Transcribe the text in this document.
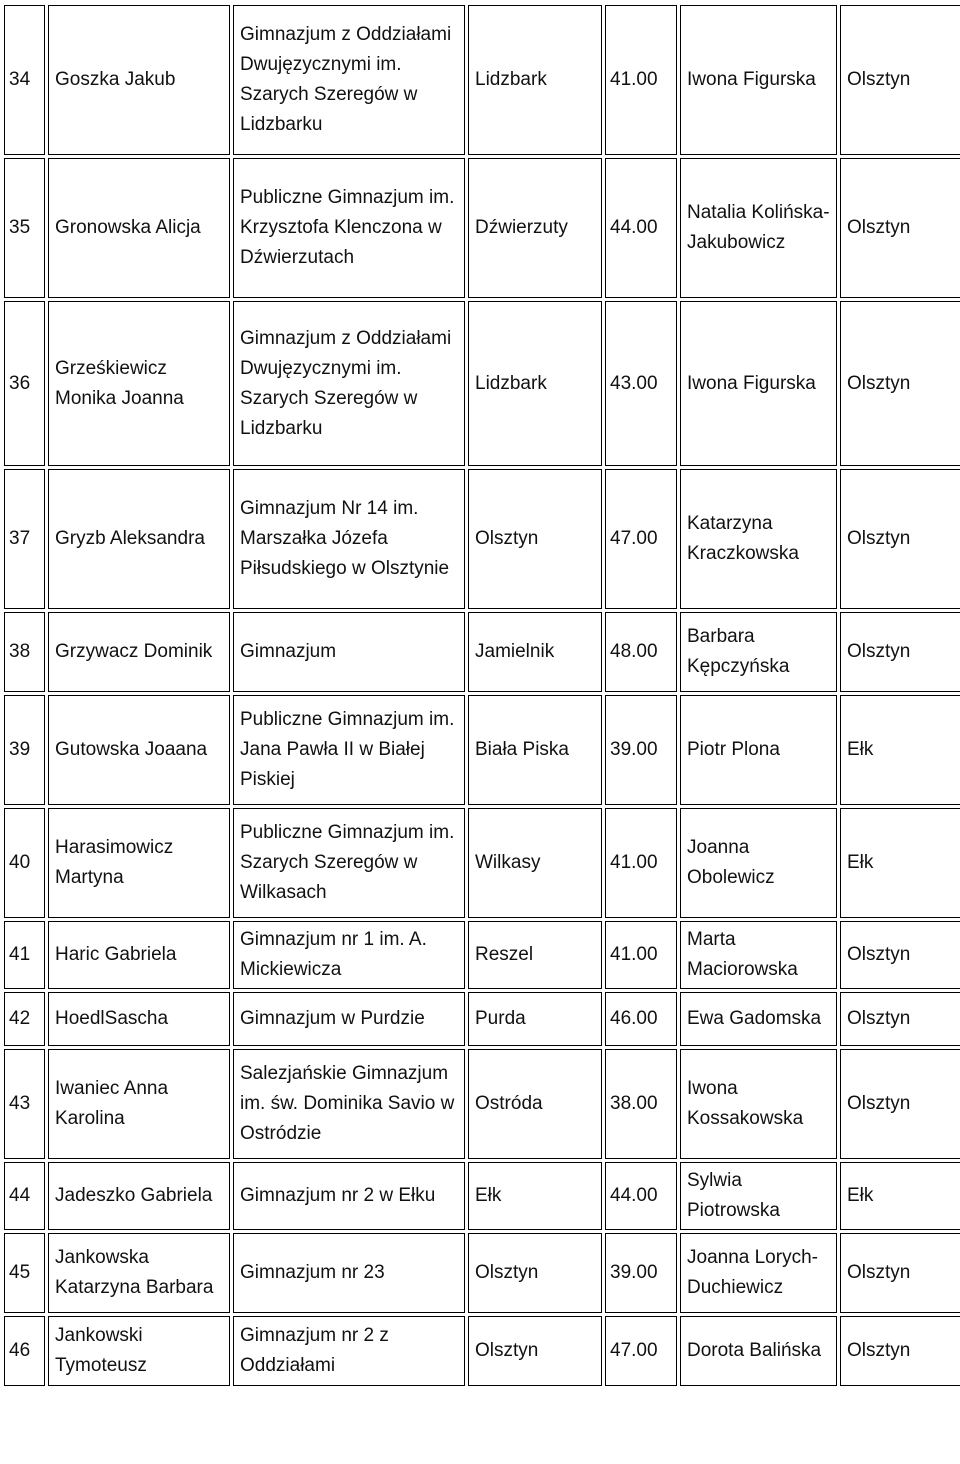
34	Goszka Jakub	Gimnazjum z Oddziałami Dwujęzycznymi im. Szarych Szeregów w Lidzbarku	Lidzbark	41.00	Iwona Figurska	Olsztyn
35	Gronowska Alicja	Publiczne Gimnazjum im. Krzysztofa Klenczona w Dźwierzutach	Dźwierzuty	44.00	Natalia Kolińska-Jakubowicz	Olsztyn
36	Grześkiewicz Monika Joanna	Gimnazjum z Oddziałami Dwujęzycznymi im. Szarych Szeregów w Lidzbarku	Lidzbark	43.00	Iwona Figurska	Olsztyn
37	Gryzb Aleksandra	Gimnazjum Nr 14 im. Marszałka Józefa Piłsudskiego w Olsztynie	Olsztyn	47.00	Katarzyna Kraczkowska	Olsztyn
38	Grzywacz Dominik	Gimnazjum	Jamielnik	48.00	Barbara Kępczyńska	Olsztyn
39	Gutowska Joaana	Publiczne Gimnazjum im. Jana Pawła II w Białej Piskiej	Biała Piska	39.00	Piotr Plona	Ełk
40	Harasimowicz Martyna	Publiczne Gimnazjum im. Szarych Szeregów w Wilkasach	Wilkasy	41.00	Joanna Obolewicz	Ełk
41	Haric Gabriela	Gimnazjum nr 1 im. A. Mickiewicza	Reszel	41.00	Marta Maciorowska	Olsztyn
42	HoedlSascha	Gimnazjum w Purdzie	Purda	46.00	Ewa Gadomska	Olsztyn
43	Iwaniec Anna Karolina	Salezjańskie Gimnazjum im. św. Dominika Savio w Ostródzie	Ostróda	38.00	Iwona Kossakowska	Olsztyn
44	Jadeszko Gabriela	Gimnazjum nr 2 w Ełku	Ełk	44.00	Sylwia Piotrowska	Ełk
45	Jankowska Katarzyna Barbara	Gimnazjum nr 23	Olsztyn	39.00	Joanna Lorych-Duchiewicz	Olsztyn
46	Jankowski Tymoteusz	Gimnazjum nr 2 z Oddziałami	Olsztyn	47.00	Dorota Balińska	Olsztyn
